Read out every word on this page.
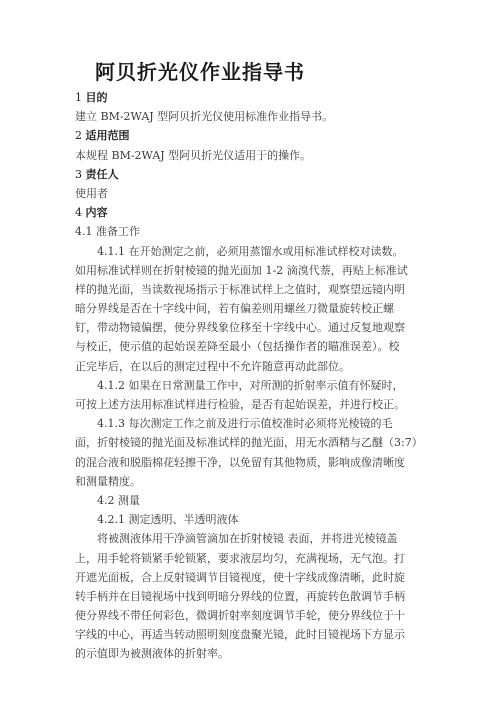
阿贝折光仪作业指导书
1 目的
建立 BM-2WAJ 型阿贝折光仪使用标准作业指导书。
2 适用范围
本规程 BM-2WAJ 型阿贝折光仪适用于的操作。
3 责任人
使用者
4 内容
4.1 准备工作
4.1.1 在开始测定之前，必须用蒸馏水或用标准试样校对读数。
如用标准试样则在折射棱镜的抛光面加 1-2 滴溴代萘，再贴上标准试
样的抛光面，当读数视场指示于标准试样上之值时，观察望远镜内明
暗分界线是否在十字线中间，若有偏差则用螺丝刀微量旋转校正螺
钉，带动物镜偏摆，使分界线象位移至十字线中心。通过反复地观察
与校正，使示值的起始误差降至最小（包括操作者的瞄准误差）。校
正完毕后，在以后的测定过程中不允许随意再动此部位。
4.1.2 如果在日常测量工作中，对所测的折射率示值有怀疑时，
可按上述方法用标准试样进行检验，是否有起始误差，并进行校正。
4.1.3 每次测定工作之前及进行示值校准时必须将光棱镜的毛
面，折射棱镜的抛光面及标准试样的抛光面，用无水酒精与乙醚（3:7）
的混合液和脱脂棉花轻擦干净，以免留有其他物质，影响成像清晰度
和测量精度。
4.2 测量
4.2.1 测定透明、半透明液体
将被测液体用干净滴管滴加在折射棱镜 表面，并将进光棱镜盖
上，用手轮将锁紧手轮锁紧，要求液层均匀，充满视场，无气泡。打
开遮光面板，合上反射镜调节目镜视度，使十字线成像清晰，此时旋
转手柄并在目镜视场中找到明暗分界线的位置，再旋转色散调节手柄
使分界线不带任何彩色，微调折射率刻度调节手轮，使分界线位于十
字线的中心，再适当转动照明刻度盘聚光镜，此时目镜视场下方显示
的示值即为被测液体的折射率。
